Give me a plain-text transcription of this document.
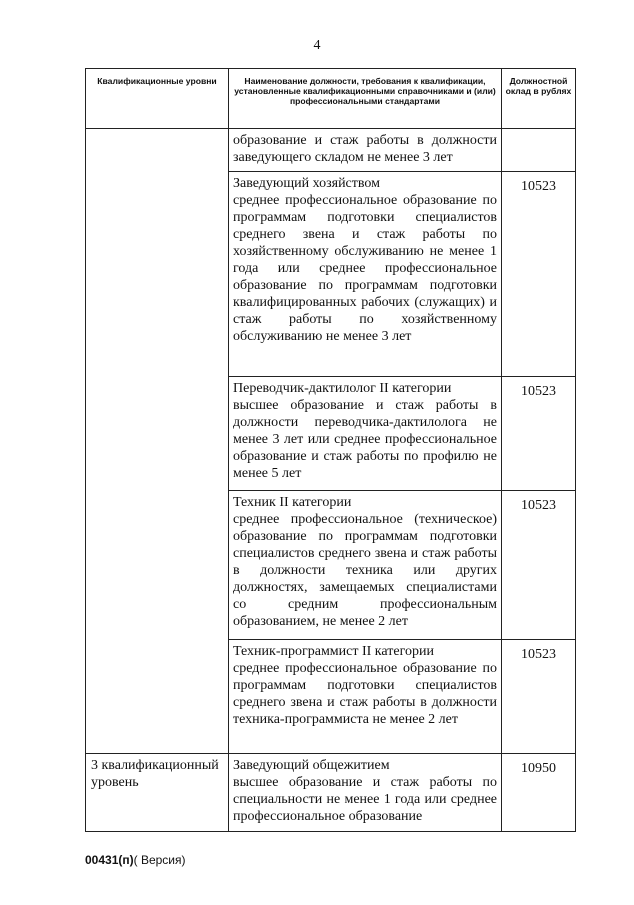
4
Квалификационные уровни	Наименование должности, требования к квалификации, установленные квалификационными справочниками и (или) профессиональными стандартами	Должностной оклад в рублях

	образование и стаж работы в должности заведующего складом не менее 3 лет	

	Заведующий хозяйством
среднее профессиональное образование по программам подготовки специалистов среднего звена и стаж работы по хозяйственному обслуживанию не менее 1 года или среднее профессиональное образование по программам подготовки квалифицированных рабочих (служащих) и стаж работы по хозяйственному обслуживанию не менее 3 лет	10523

	Переводчик-дактилолог II категории
высшее образование и стаж работы в должности переводчика-дактилолога не менее 3 лет или среднее профессиональное образование и стаж работы по профилю не менее 5 лет	10523

	Техник II категории
среднее профессиональное (техническое) образование по программам подготовки специалистов среднего звена и стаж работы в должности техника или других должностях, замещаемых специалистами со средним профессиональным образованием, не менее 2 лет	10523

	Техник-программист II категории
среднее профессиональное образование по программам подготовки специалистов среднего звена и стаж работы в должности техника-программиста не менее 2 лет	10523
3 квалификационный уровень	Заведующий общежитием
высшее образование и стаж работы по специальности не менее 1 года или среднее профессиональное образование	10950
00431(п)( Версия)
